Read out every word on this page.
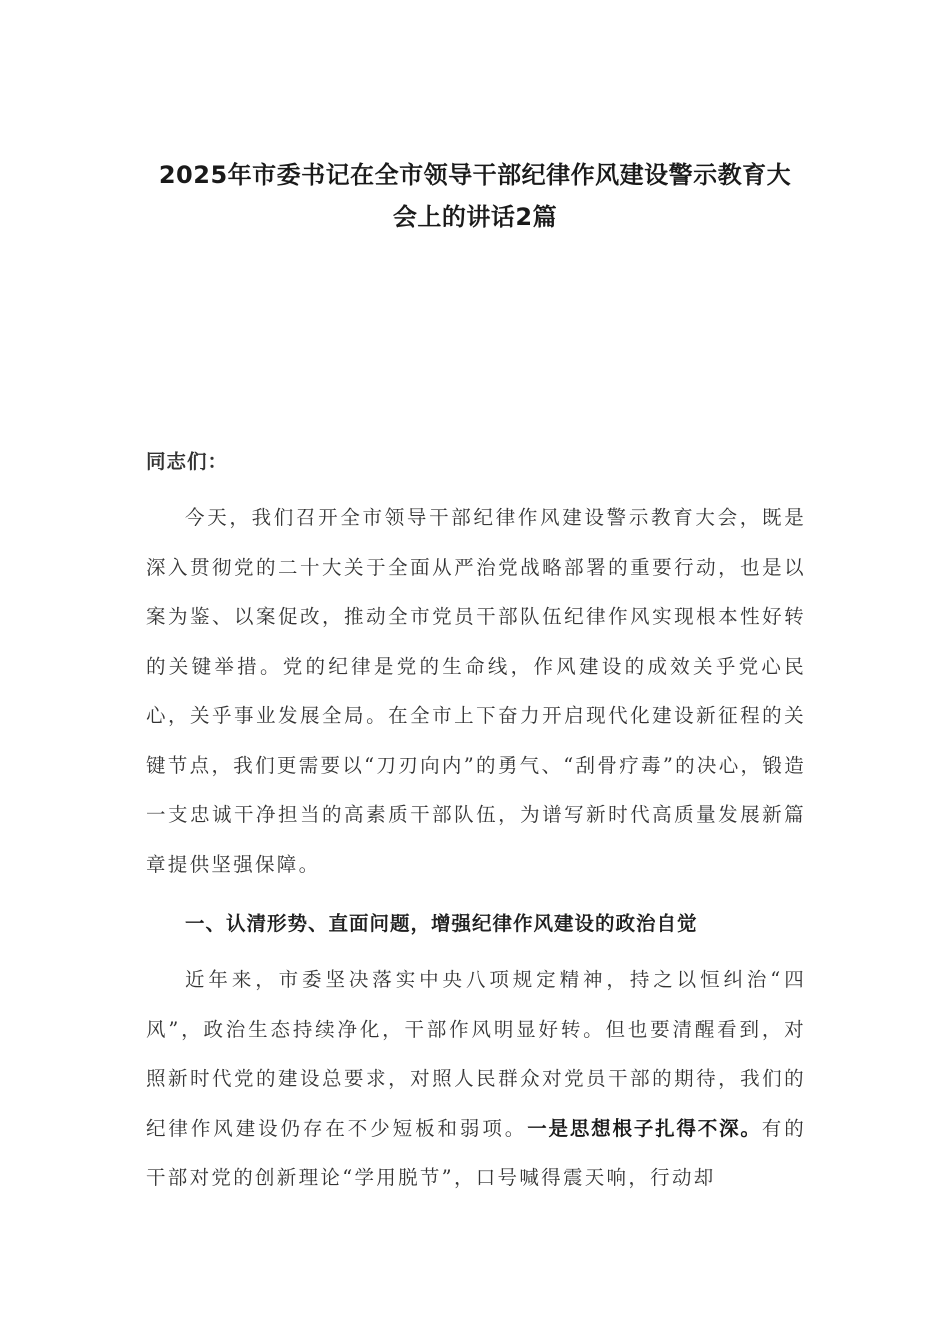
2025年市委书记在全市领导干部纪律作风建设警示教育大
会上的讲话2篇

同志们：

今天，我们召开全市领导干部纪律作风建设警示教育大会，既是深入贯彻党的二十大关于全面从严治党战略部署的重要行动，也是以案为鉴、以案促改，推动全市党员干部队伍纪律作风实现根本性好转的关键举措。党的纪律是党的生命线，作风建设的成效关乎党心民心，关乎事业发展全局。在全市上下奋力开启现代化建设新征程的关键节点，我们更需要以“刀刃向内”的勇气、“刮骨疗毒”的决心，锻造一支忠诚干净担当的高素质干部队伍，为谱写新时代高质量发展新篇章提供坚强保障。

一、认清形势、直面问题，增强纪律作风建设的政治自觉

近年来，市委坚决落实中央八项规定精神，持之以恒纠治“四风”，政治生态持续净化，干部作风明显好转。但也要清醒看到，对照新时代党的建设总要求，对照人民群众对党员干部的期待，我们的纪律作风建设仍存在不少短板和弱项。一是思想根子扎得不深。有的干部对党的创新理论“学用脱节”，口号喊得震天响，行动却
